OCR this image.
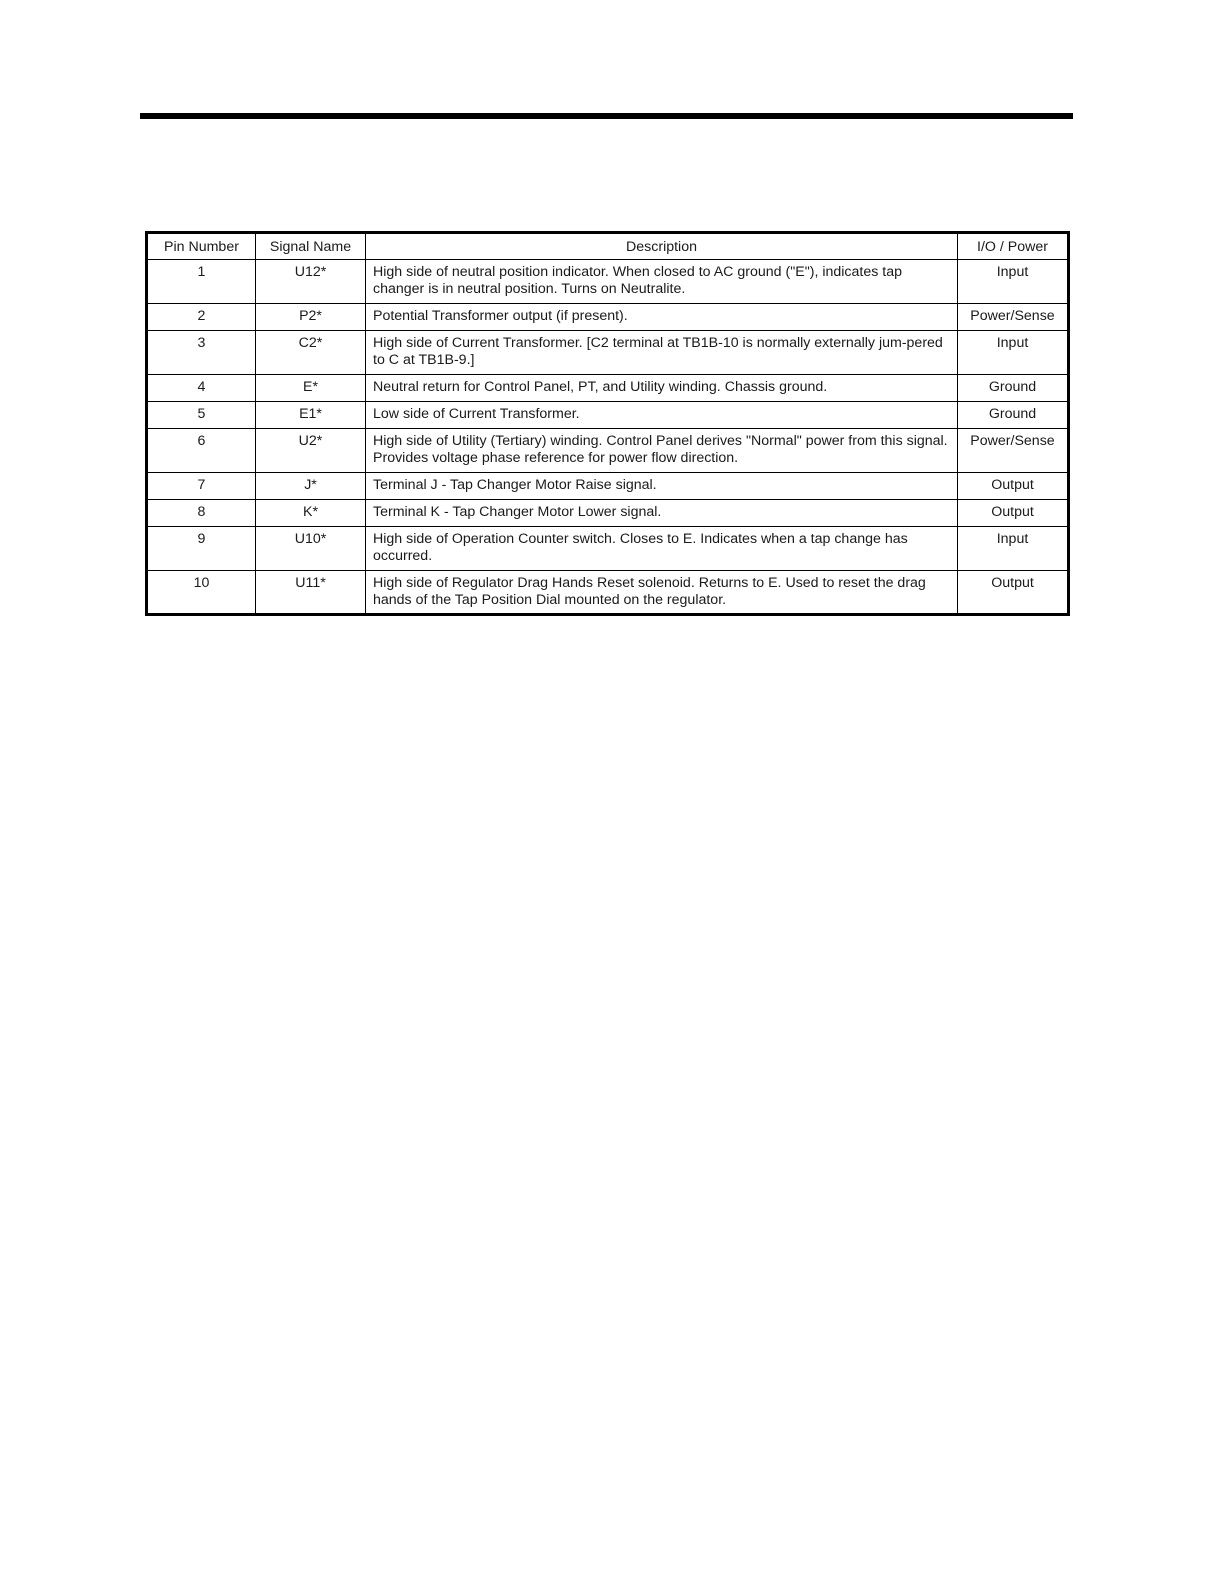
Pin Number	Signal Name	Description	I/O / Power
1	U12*	High side of neutral position indicator. When closed to AC ground ("E"), indicates tap changer is in neutral position. Turns on Neutralite.	Input
2	P2*	Potential Transformer output (if present).	Power/Sense
3	C2*	High side of Current Transformer. [C2 terminal at TB1B-10 is normally externally jum-pered to C at TB1B-9.]	Input
4	E*	Neutral return for Control Panel, PT, and Utility winding. Chassis ground.	Ground
5	E1*	Low side of Current Transformer.	Ground
6	U2*	High side of Utility (Tertiary) winding. Control Panel derives "Normal" power from this signal. Provides voltage phase reference for power flow direction.	Power/Sense
7	J*	Terminal J - Tap Changer Motor Raise signal.	Output
8	K*	Terminal K - Tap Changer Motor Lower signal.	Output
9	U10*	High side of Operation Counter switch. Closes to E. Indicates when a tap change has occurred.	Input
10	U11*	High side of Regulator Drag Hands Reset solenoid. Returns to E. Used to reset the drag hands of the Tap Position Dial mounted on the regulator.	Output
